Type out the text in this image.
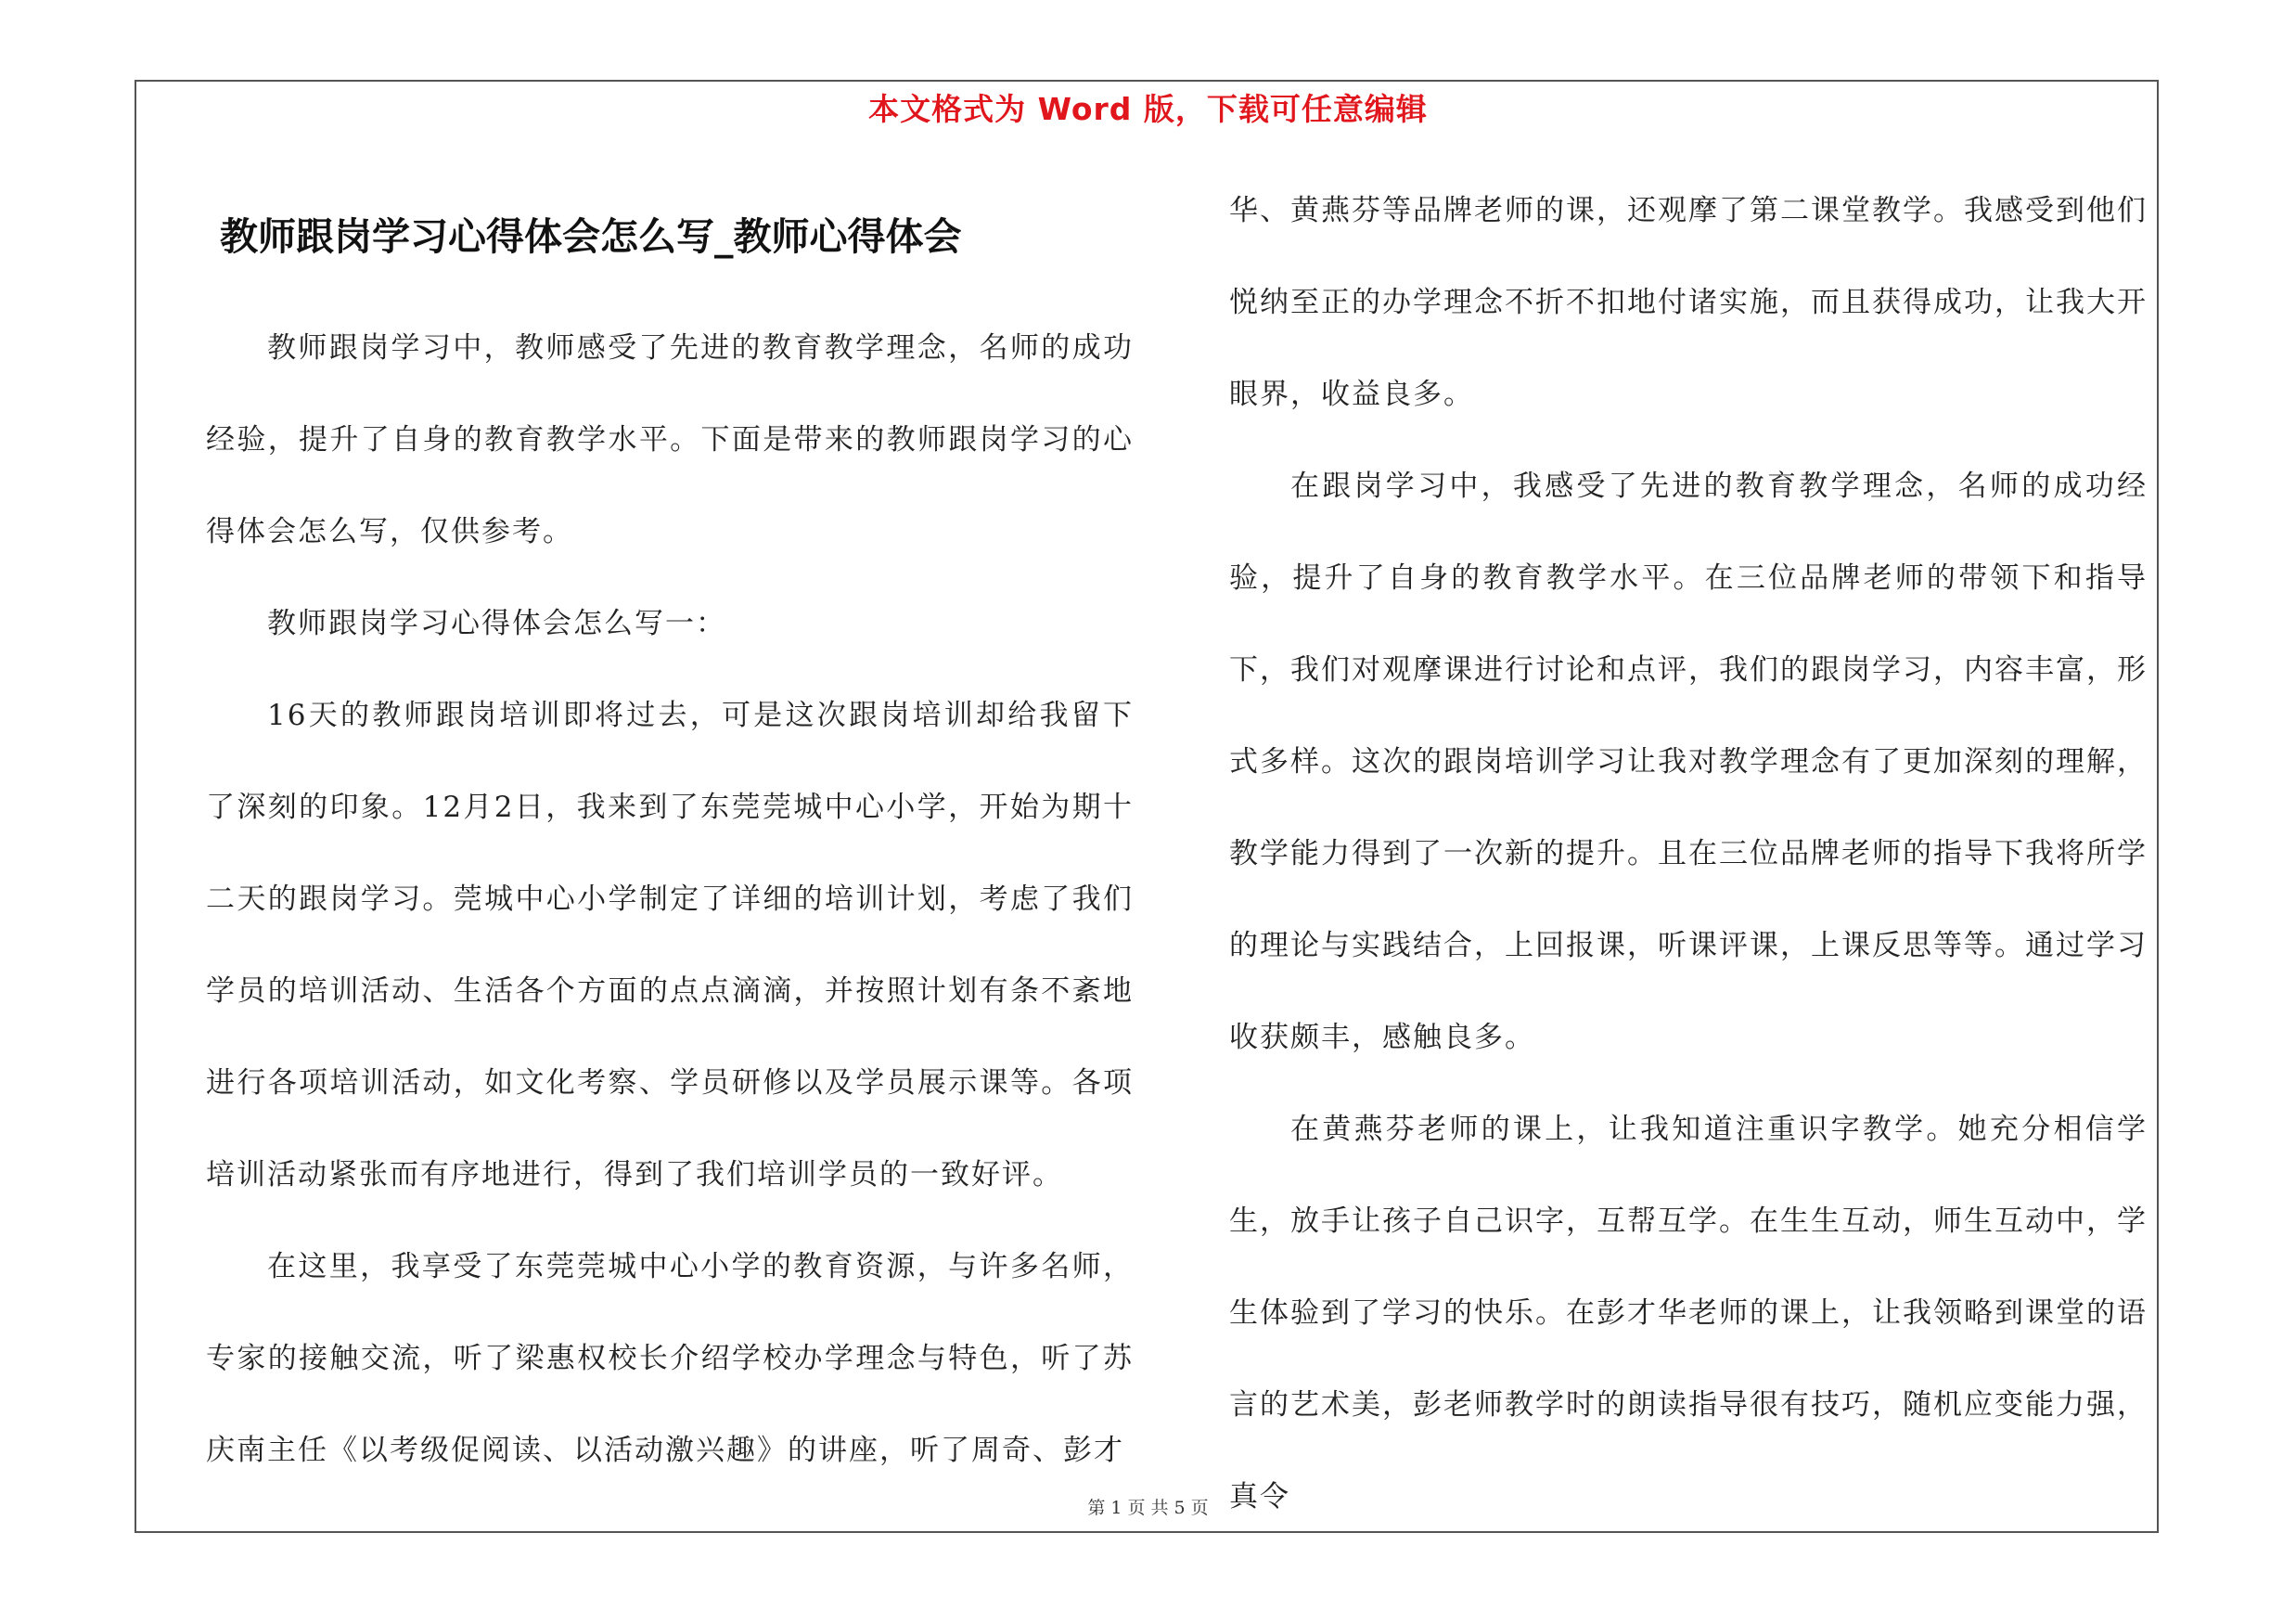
本文格式为 Word 版，下载可任意编辑
教师跟岗学习心得体会怎么写_教师心得体会

教师跟岗学习中，教师感受了先进的教育教学理念，名师的成功经验，提升了自身的教育教学水平。下面是带来的教师跟岗学习的心得体会怎么写，仅供参考。

教师跟岗学习心得体会怎么写一：

16天的教师跟岗培训即将过去，可是这次跟岗培训却给我留下了深刻的印象。12月2日，我来到了东莞莞城中心小学，开始为期十二天的跟岗学习。莞城中心小学制定了详细的培训计划，考虑了我们学员的培训活动、生活各个方面的点点滴滴，并按照计划有条不紊地进行各项培训活动，如文化考察、学员研修以及学员展示课等。各项培训活动紧张而有序地进行，得到了我们培训学员的一致好评。

在这里，我享受了东莞莞城中心小学的教育资源，与许多名师，专家的接触交流，听了梁惠权校长介绍学校办学理念与特色，听了苏庆南主任《以考级促阅读、以活动激兴趣》的讲座，听了周奇、彭才

华、黄燕芬等品牌老师的课，还观摩了第二课堂教学。我感受到他们悦纳至正的办学理念不折不扣地付诸实施，而且获得成功，让我大开眼界，收益良多。

在跟岗学习中，我感受了先进的教育教学理念，名师的成功经验，提升了自身的教育教学水平。在三位品牌老师的带领下和指导下，我们对观摩课进行讨论和点评，我们的跟岗学习，内容丰富，形式多样。这次的跟岗培训学习让我对教学理念有了更加深刻的理解，教学能力得到了一次新的提升。且在三位品牌老师的指导下我将所学的理论与实践结合，上回报课，听课评课，上课反思等等。通过学习收获颇丰，感触良多。

在黄燕芬老师的课上，让我知道注重识字教学。她充分相信学生，放手让孩子自己识字，互帮互学。在生生互动，师生互动中，学生体验到了学习的快乐。在彭才华老师的课上，让我领略到课堂的语言的艺术美，彭老师教学时的朗读指导很有技巧，随机应变能力强，真令

第 1 页 共 5 页
